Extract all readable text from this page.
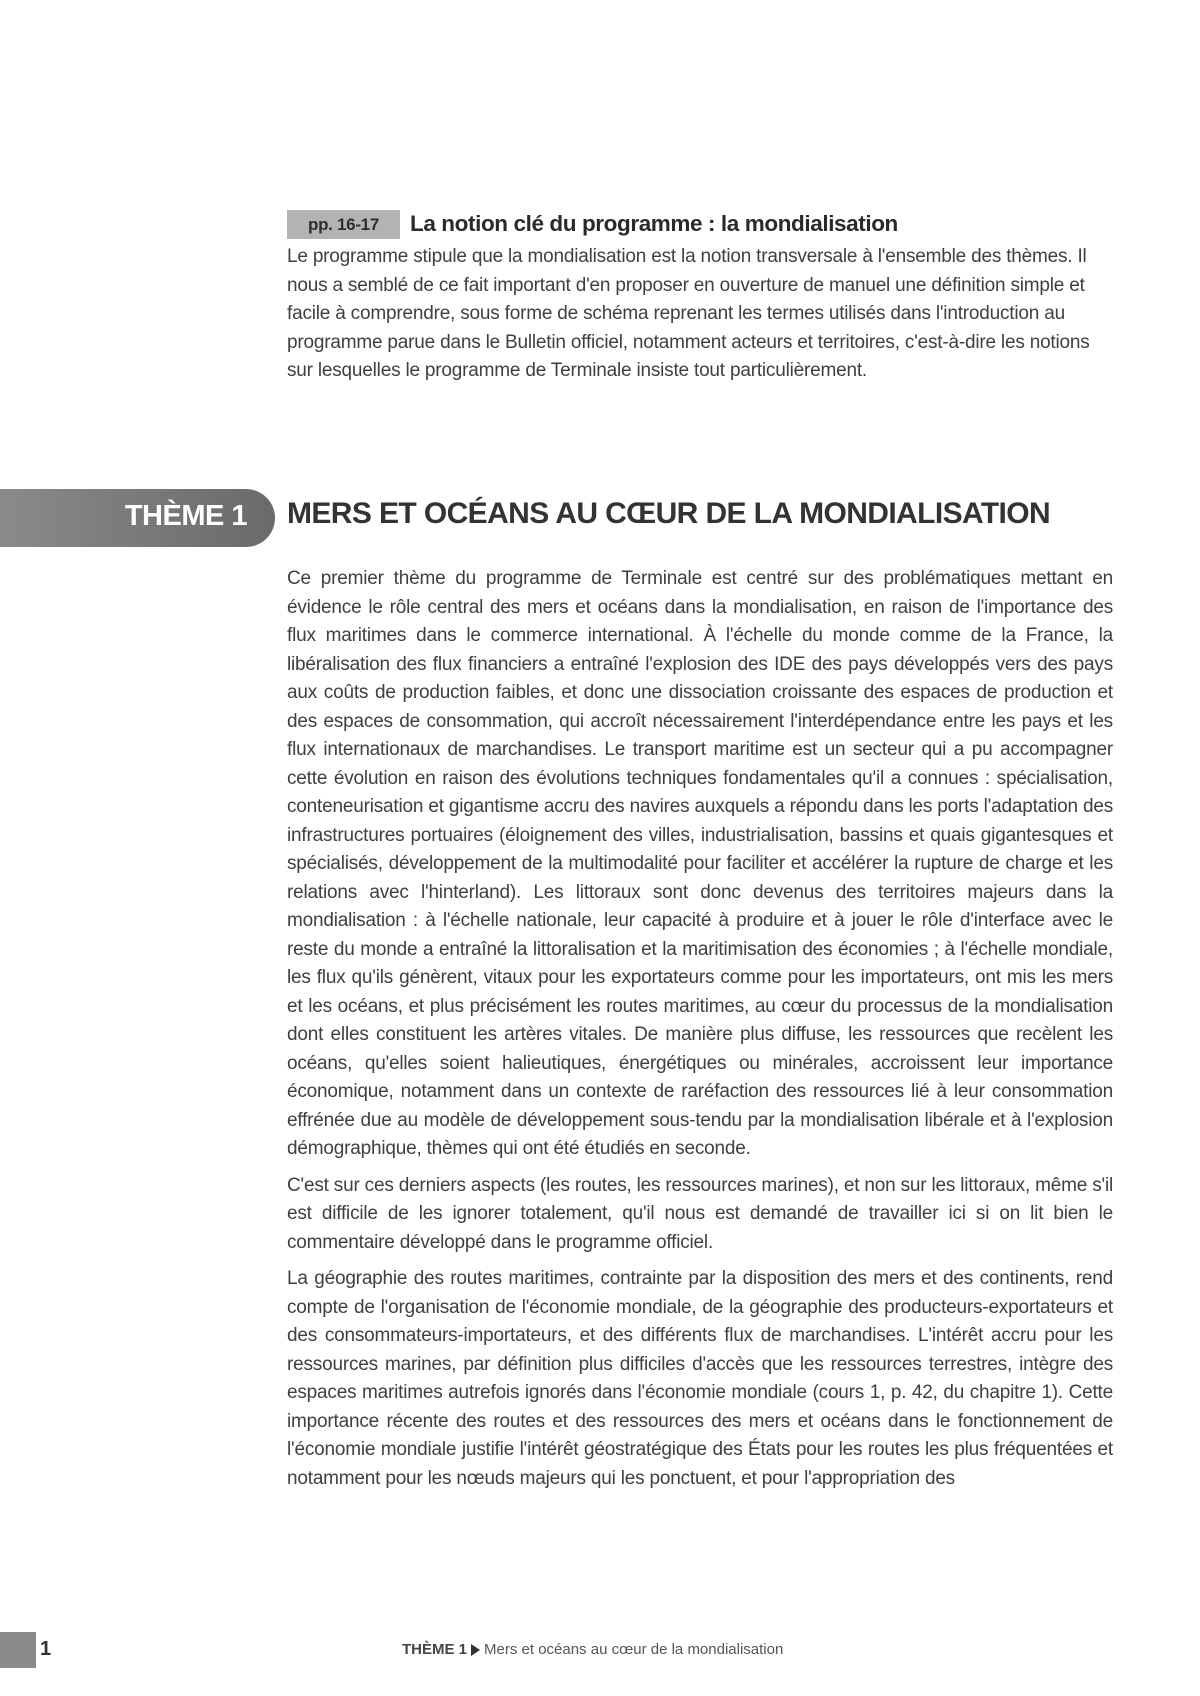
pp. 16-17	La notion clé du programme : la mondialisation

Le programme stipule que la mondialisation est la notion transversale à l'ensemble des thèmes. Il nous a semblé de ce fait important d'en proposer en ouverture de manuel une définition simple et facile à comprendre, sous forme de schéma reprenant les termes utilisés dans l'introduction au programme parue dans le Bulletin officiel, notamment acteurs et territoires, c'est-à-dire les notions sur lesquelles le programme de Terminale insiste tout particulièrement.

THÈME 1 MERS ET OCÉANS AU CŒUR DE LA MONDIALISATION

Ce premier thème du programme de Terminale est centré sur des problématiques mettant en évidence le rôle central des mers et océans dans la mondialisation, en raison de l'importance des flux maritimes dans le commerce international. À l'échelle du monde comme de la France, la libéralisation des flux financiers a entraîné l'explosion des IDE des pays développés vers des pays aux coûts de production faibles, et donc une dissociation croissante des espaces de production et des espaces de consommation, qui accroît nécessairement l'interdépendance entre les pays et les flux internationaux de marchandises. Le transport maritime est un secteur qui a pu accompagner cette évolution en raison des évolutions techniques fondamentales qu'il a connues : spécialisation, conteneurisation et gigantisme accru des navires auxquels a répondu dans les ports l'adaptation des infrastructures portuaires (éloignement des villes, industrialisation, bassins et quais gigantesques et spécialisés, développement de la multimodalité pour faciliter et accélérer la rupture de charge et les relations avec l'hinterland). Les littoraux sont donc devenus des territoires majeurs dans la mondialisation : à l'échelle nationale, leur capacité à produire et à jouer le rôle d'interface avec le reste du monde a entraîné la littoralisation et la maritimisation des économies ; à l'échelle mondiale, les flux qu'ils génèrent, vitaux pour les exportateurs comme pour les importateurs, ont mis les mers et les océans, et plus précisément les routes maritimes, au cœur du processus de la mondialisation dont elles constituent les artères vitales. De manière plus diffuse, les ressources que recèlent les océans, qu'elles soient halieutiques, énergétiques ou minérales, accroissent leur importance économique, notamment dans un contexte de raréfaction des ressources lié à leur consommation effrénée due au modèle de développement sous-tendu par la mondialisation libérale et à l'explosion démographique, thèmes qui ont été étudiés en seconde.

C'est sur ces derniers aspects (les routes, les ressources marines), et non sur les littoraux, même s'il est difficile de les ignorer totalement, qu'il nous est demandé de travailler ici si on lit bien le commentaire développé dans le programme officiel.

La géographie des routes maritimes, contrainte par la disposition des mers et des continents, rend compte de l'organisation de l'économie mondiale, de la géographie des producteurs-exportateurs et des consommateurs-importateurs, et des différents flux de marchandises. L'intérêt accru pour les ressources marines, par définition plus difficiles d'accès que les ressources terrestres, intègre des espaces maritimes autrefois ignorés dans l'économie mondiale (cours 1, p. 42, du chapitre 1). Cette importance récente des routes et des ressources des mers et océans dans le fonctionnement de l'économie mondiale justifie l'intérêt géostratégique des États pour les routes les plus fréquentées et notamment pour les nœuds majeurs qui les ponctuent, et pour l'appropriation des

1	THÈME 1 Mers et océans au cœur de la mondialisation
